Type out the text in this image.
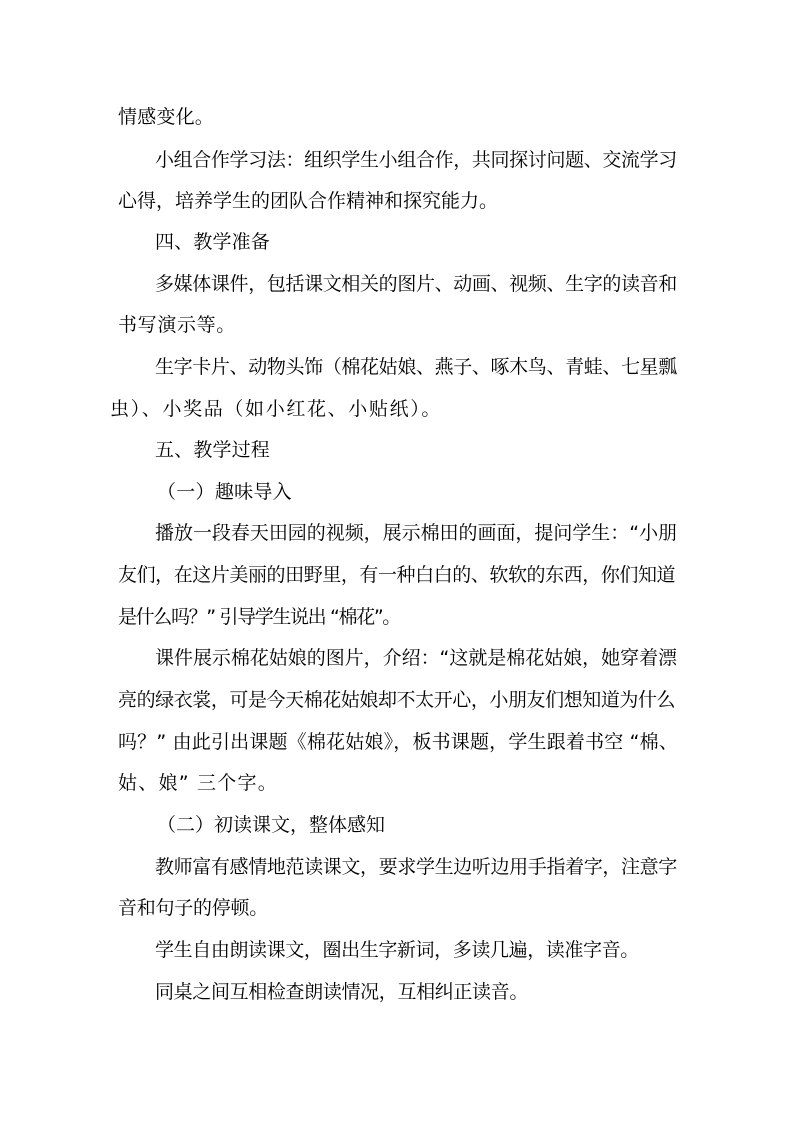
情感变化。
小组合作学习法：组织学生小组合作，共同探讨问题、交流学习
心得，培养学生的团队合作精神和探究能力。
四、教学准备
多媒体课件，包括课文相关的图片、动画、视频、生字的读音和
书写演示等。
生字卡片、动物头饰（棉花姑娘、燕子、啄木鸟、青蛙、七星瓢
虫）、小奖品（如小红花、小贴纸）。
五、教学过程
（一）趣味导入
播放一段春天田园的视频，展示棉田的画面，提问学生：“小朋
友们，在这片美丽的田野里，有一种白白的、软软的东西，你们知道
是什么吗？” 引导学生说出 “棉花”。
课件展示棉花姑娘的图片，介绍：“这就是棉花姑娘，她穿着漂
亮的绿衣裳，可是今天棉花姑娘却不太开心，小朋友们想知道为什么
吗？” 由此引出课题《棉花姑娘》，板书课题，学生跟着书空 “棉、
姑、娘” 三个字。
（二）初读课文，整体感知
教师富有感情地范读课文，要求学生边听边用手指着字，注意字
音和句子的停顿。
学生自由朗读课文，圈出生字新词，多读几遍，读准字音。
同桌之间互相检查朗读情况，互相纠正读音。
